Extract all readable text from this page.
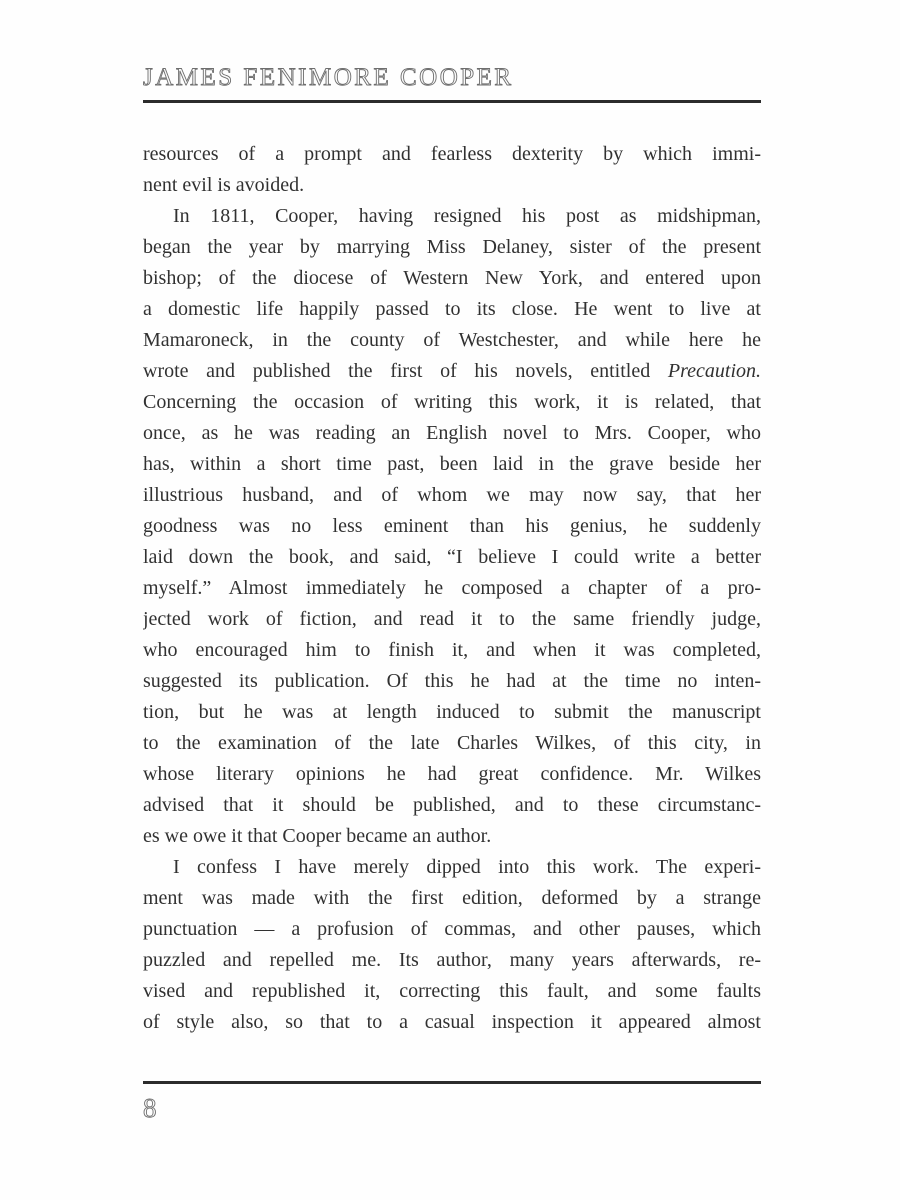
JAMES FENIMORE COOPER
resources of a prompt and fearless dexterity by which immi-
nent evil is avoided.
In 1811, Cooper, having resigned his post as midshipman,
began the year by marrying Miss Delaney, sister of the present
bishop; of the diocese of Western New York, and entered upon
a domestic life happily passed to its close. He went to live at
Mamaroneck, in the county of Westchester, and while here he
wrote and published the first of his novels, entitled Precaution.
Concerning the occasion of writing this work, it is related, that
once, as he was reading an English novel to Mrs. Cooper, who
has, within a short time past, been laid in the grave beside her
illustrious husband, and of whom we may now say, that her
goodness was no less eminent than his genius, he suddenly
laid down the book, and said, “I believe I could write a better
myself.” Almost immediately he composed a chapter of a pro-
jected work of fiction, and read it to the same friendly judge,
who encouraged him to finish it, and when it was completed,
suggested its publication. Of this he had at the time no inten-
tion, but he was at length induced to submit the manuscript
to the examination of the late Charles Wilkes, of this city, in
whose literary opinions he had great confidence. Mr. Wilkes
advised that it should be published, and to these circumstanc-
es we owe it that Cooper became an author.
I confess I have merely dipped into this work. The experi-
ment was made with the first edition, deformed by a strange
punctuation — a profusion of commas, and other pauses, which
puzzled and repelled me. Its author, many years afterwards, re-
vised and republished it, correcting this fault, and some faults
of style also, so that to a casual inspection it appeared almost
8
